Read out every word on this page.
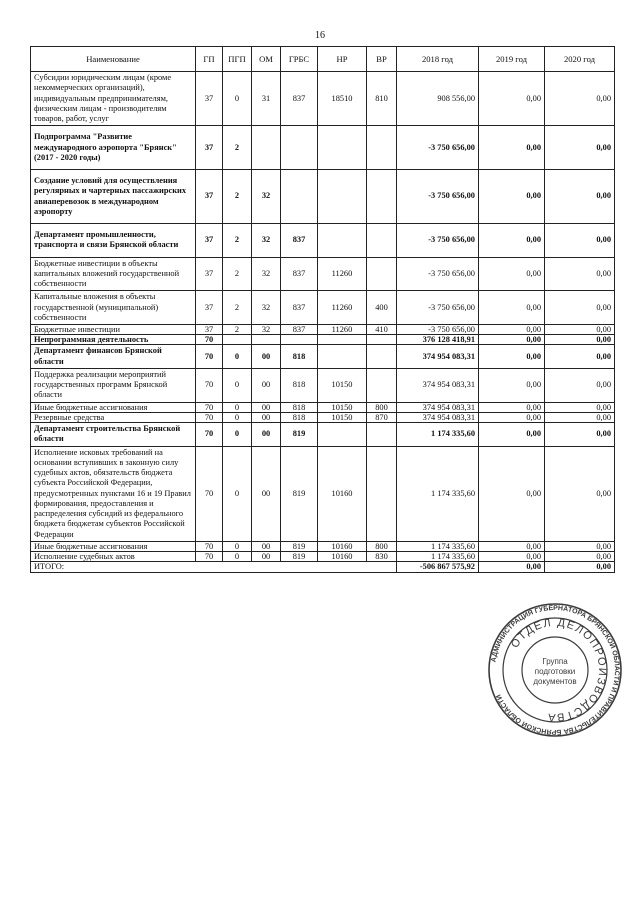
16
Наименование	ГП	ПГП	ОМ	ГРБС	НР	ВР	2018 год	2019 год	2020 год
Субсидии юридическим лицам (кроме некоммерческих организаций), индивидуальным предпринимателям, физическим лицам - производителям товаров, работ, услуг	37	0	31	837	18510	810	908 556,00	0,00	0,00
Подпрограмма "Развитие международного аэропорта "Брянск" (2017 - 2020 годы)	37	2					-3 750 656,00	0,00	0,00
Создание условий для осуществления регулярных и чартерных пассажирских авиаперевозок в международном аэропорту	37	2	32				-3 750 656,00	0,00	0,00
Департамент промышленности, транспорта и связи Брянской области	37	2	32	837			-3 750 656,00	0,00	0,00
Бюджетные инвестиции в объекты капитальных вложений государственной собственности	37	2	32	837	11260		-3 750 656,00	0,00	0,00
Капитальные вложения в объекты государственной (муниципальной) собственности	37	2	32	837	11260	400	-3 750 656,00	0,00	0,00
Бюджетные инвестиции	37	2	32	837	11260	410	-3 750 656,00	0,00	0,00
Непрограммная деятельность	70						376 128 418,91	0,00	0,00
Департамент финансов Брянской области	70	0	00	818			374 954 083,31	0,00	0,00
Поддержка реализации мероприятий государственных программ Брянской области	70	0	00	818	10150		374 954 083,31	0,00	0,00
Иные бюджетные ассигнования	70	0	00	818	10150	800	374 954 083,31	0,00	0,00
Резервные средства	70	0	00	818	10150	870	374 954 083,31	0,00	0,00
Департамент строительства Брянской области	70	0	00	819			1 174 335,60	0,00	0,00
Исполнение исковых требований на основании вступивших в законную силу судебных актов, обязательств бюджета субъекта Российской Федерации, предусмотренных пунктами 16 и 19 Правил формирования, предоставления и распределения субсидий из федерального бюджета бюджетам субъектов Российской Федерации	70	0	00	819	10160		1 174 335,60	0,00	0,00
Иные бюджетные ассигнования	70	0	00	819	10160	800	1 174 335,60	0,00	0,00
Исполнение судебных актов	70	0	00	819	10160	830	1 174 335,60	0,00	0,00
ИТОГО:							-506 867 575,92	0,00	0,00
АДМИНИСТРАЦИЯ ГУБЕРНАТОРА БРЯНСКОЙ ОБЛАСТИ И ПРАВИТЕЛЬСТВА БРЯНСКОЙ ОБЛАСТИ
ОТДЕЛ ДЕЛОПРОИЗВОДСТВА
Группа
подготовки
документов
